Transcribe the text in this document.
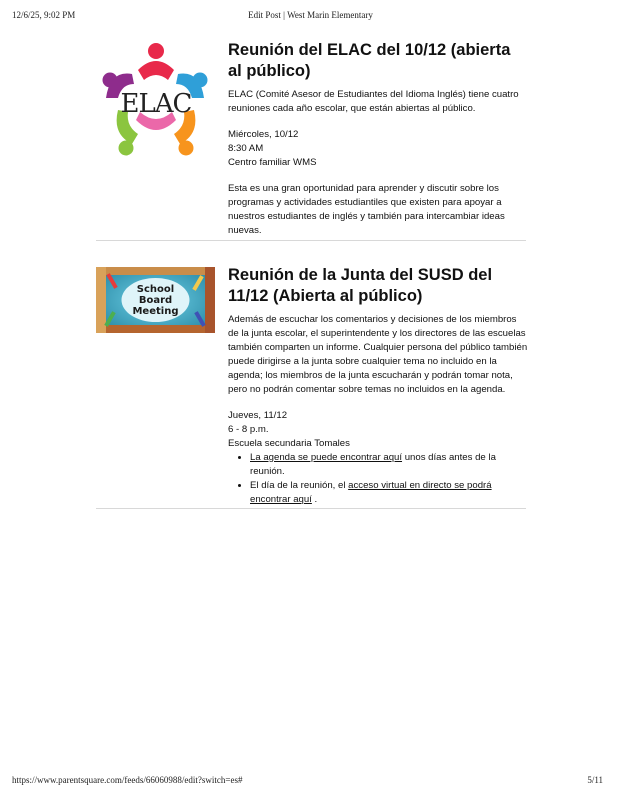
12/6/25, 9:02 PM	Edit Post | West Marin Elementary
ELAC
Reunión del ELAC del 10/12 (abierta al público)

ELAC (Comité Asesor de Estudiantes del Idioma Inglés) tiene cuatro reuniones cada año escolar, que están abiertas al público.

Miércoles, 10/12

8:30 AM

Centro familiar WMS

Esta es una gran oportunidad para aprender y discutir sobre los programas y actividades estudiantiles que existen para apoyar a nuestros estudiantes de inglés y también para intercambiar ideas nuevas.

School
Board
Meeting
Reunión de la Junta del SUSD del 11/12 (Abierta al público)

Además de escuchar los comentarios y decisiones de los miembros de la junta escolar, el superintendente y los directores de las escuelas también comparten un informe. Cualquier persona del público también puede dirigirse a la junta sobre cualquier tema no incluido en la agenda; los miembros de la junta escucharán y podrán tomar nota, pero no podrán comentar sobre temas no incluidos en la agenda.

Jueves, 11/12

6 - 8 p.m.

Escuela secundaria Tomales

• La agenda se puede encontrar aquí unos días antes de la reunión.
• El día de la reunión, el acceso virtual en directo se podrá encontrar aquí .
https://www.parentsquare.com/feeds/66060988/edit?switch=es#	5/11
